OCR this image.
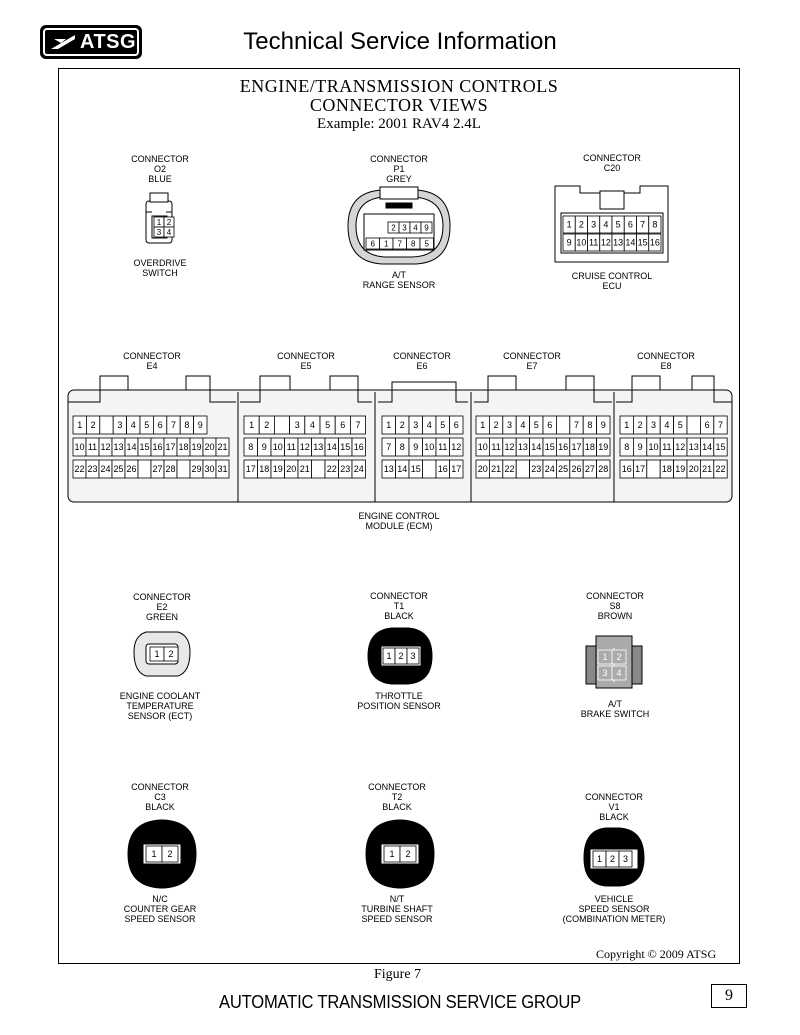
ATSG	Technical Service Information
ENGINE/TRANSMISSION CONTROLS
CONNECTOR VIEWS
Example: 2001 RAV4 2.4L
CONNECTOR
O2
BLUE
OVERDRIVE
SWITCH
CONNECTOR
P1
GREY
A/T
RANGE SENSOR
CONNECTOR
C20
CRUISE CONTROL
ECU
CONNECTOR
E4
CONNECTOR
E5
CONNECTOR
E6
CONNECTOR
E7
CONNECTOR
E8
ENGINE CONTROL
MODULE (ECM)
CONNECTOR
E2
GREEN
ENGINE COOLANT
TEMPERATURE
SENSOR (ECT)
CONNECTOR
T1
BLACK
THROTTLE
POSITION SENSOR
CONNECTOR
S8
BROWN
A/T
BRAKE SWITCH
CONNECTOR
C3
BLACK
N/C
COUNTER GEAR
SPEED SENSOR
CONNECTOR
T2
BLACK
N/T
TURBINE SHAFT
SPEED SENSOR
CONNECTOR
V1
BLACK
VEHICLE
SPEED SENSOR
(COMBINATION METER)
1 2
3 4	2 3 4 9
6 1 7 8 5
1 2 3 4 5 6 7 8
9 10 11 12 13 14 15 16
1 2 3 4 5 6 7 8 9
10 11 12 13 14 15 16 17 18 19 20 21
22 23 24 25 26 27 28 29 30 31
1 2	3 4 5 6 7
8 9 10 11 12 13 14 15 16
17 18 19 20 21 22 23 24
1 2 3 4 5 6
7 8 9 10 11 12
13 14 15 16 17
1 2 3 4 5 6 7 8 9
10 11 12 13 14 15 16 17 18 19
20 21 22 23 24 25 26 27 28
1 2 3 4 5 6 7
8 9 10 11 12 13 14 15
16 17 18 19 20 21 22
1 2	1 2 3	1 2
3 4
1 2	1 2	1 2 3
Copyright © 2009 ATSG
Figure 7
AUTOMATIC TRANSMISSION SERVICE GROUP	9
